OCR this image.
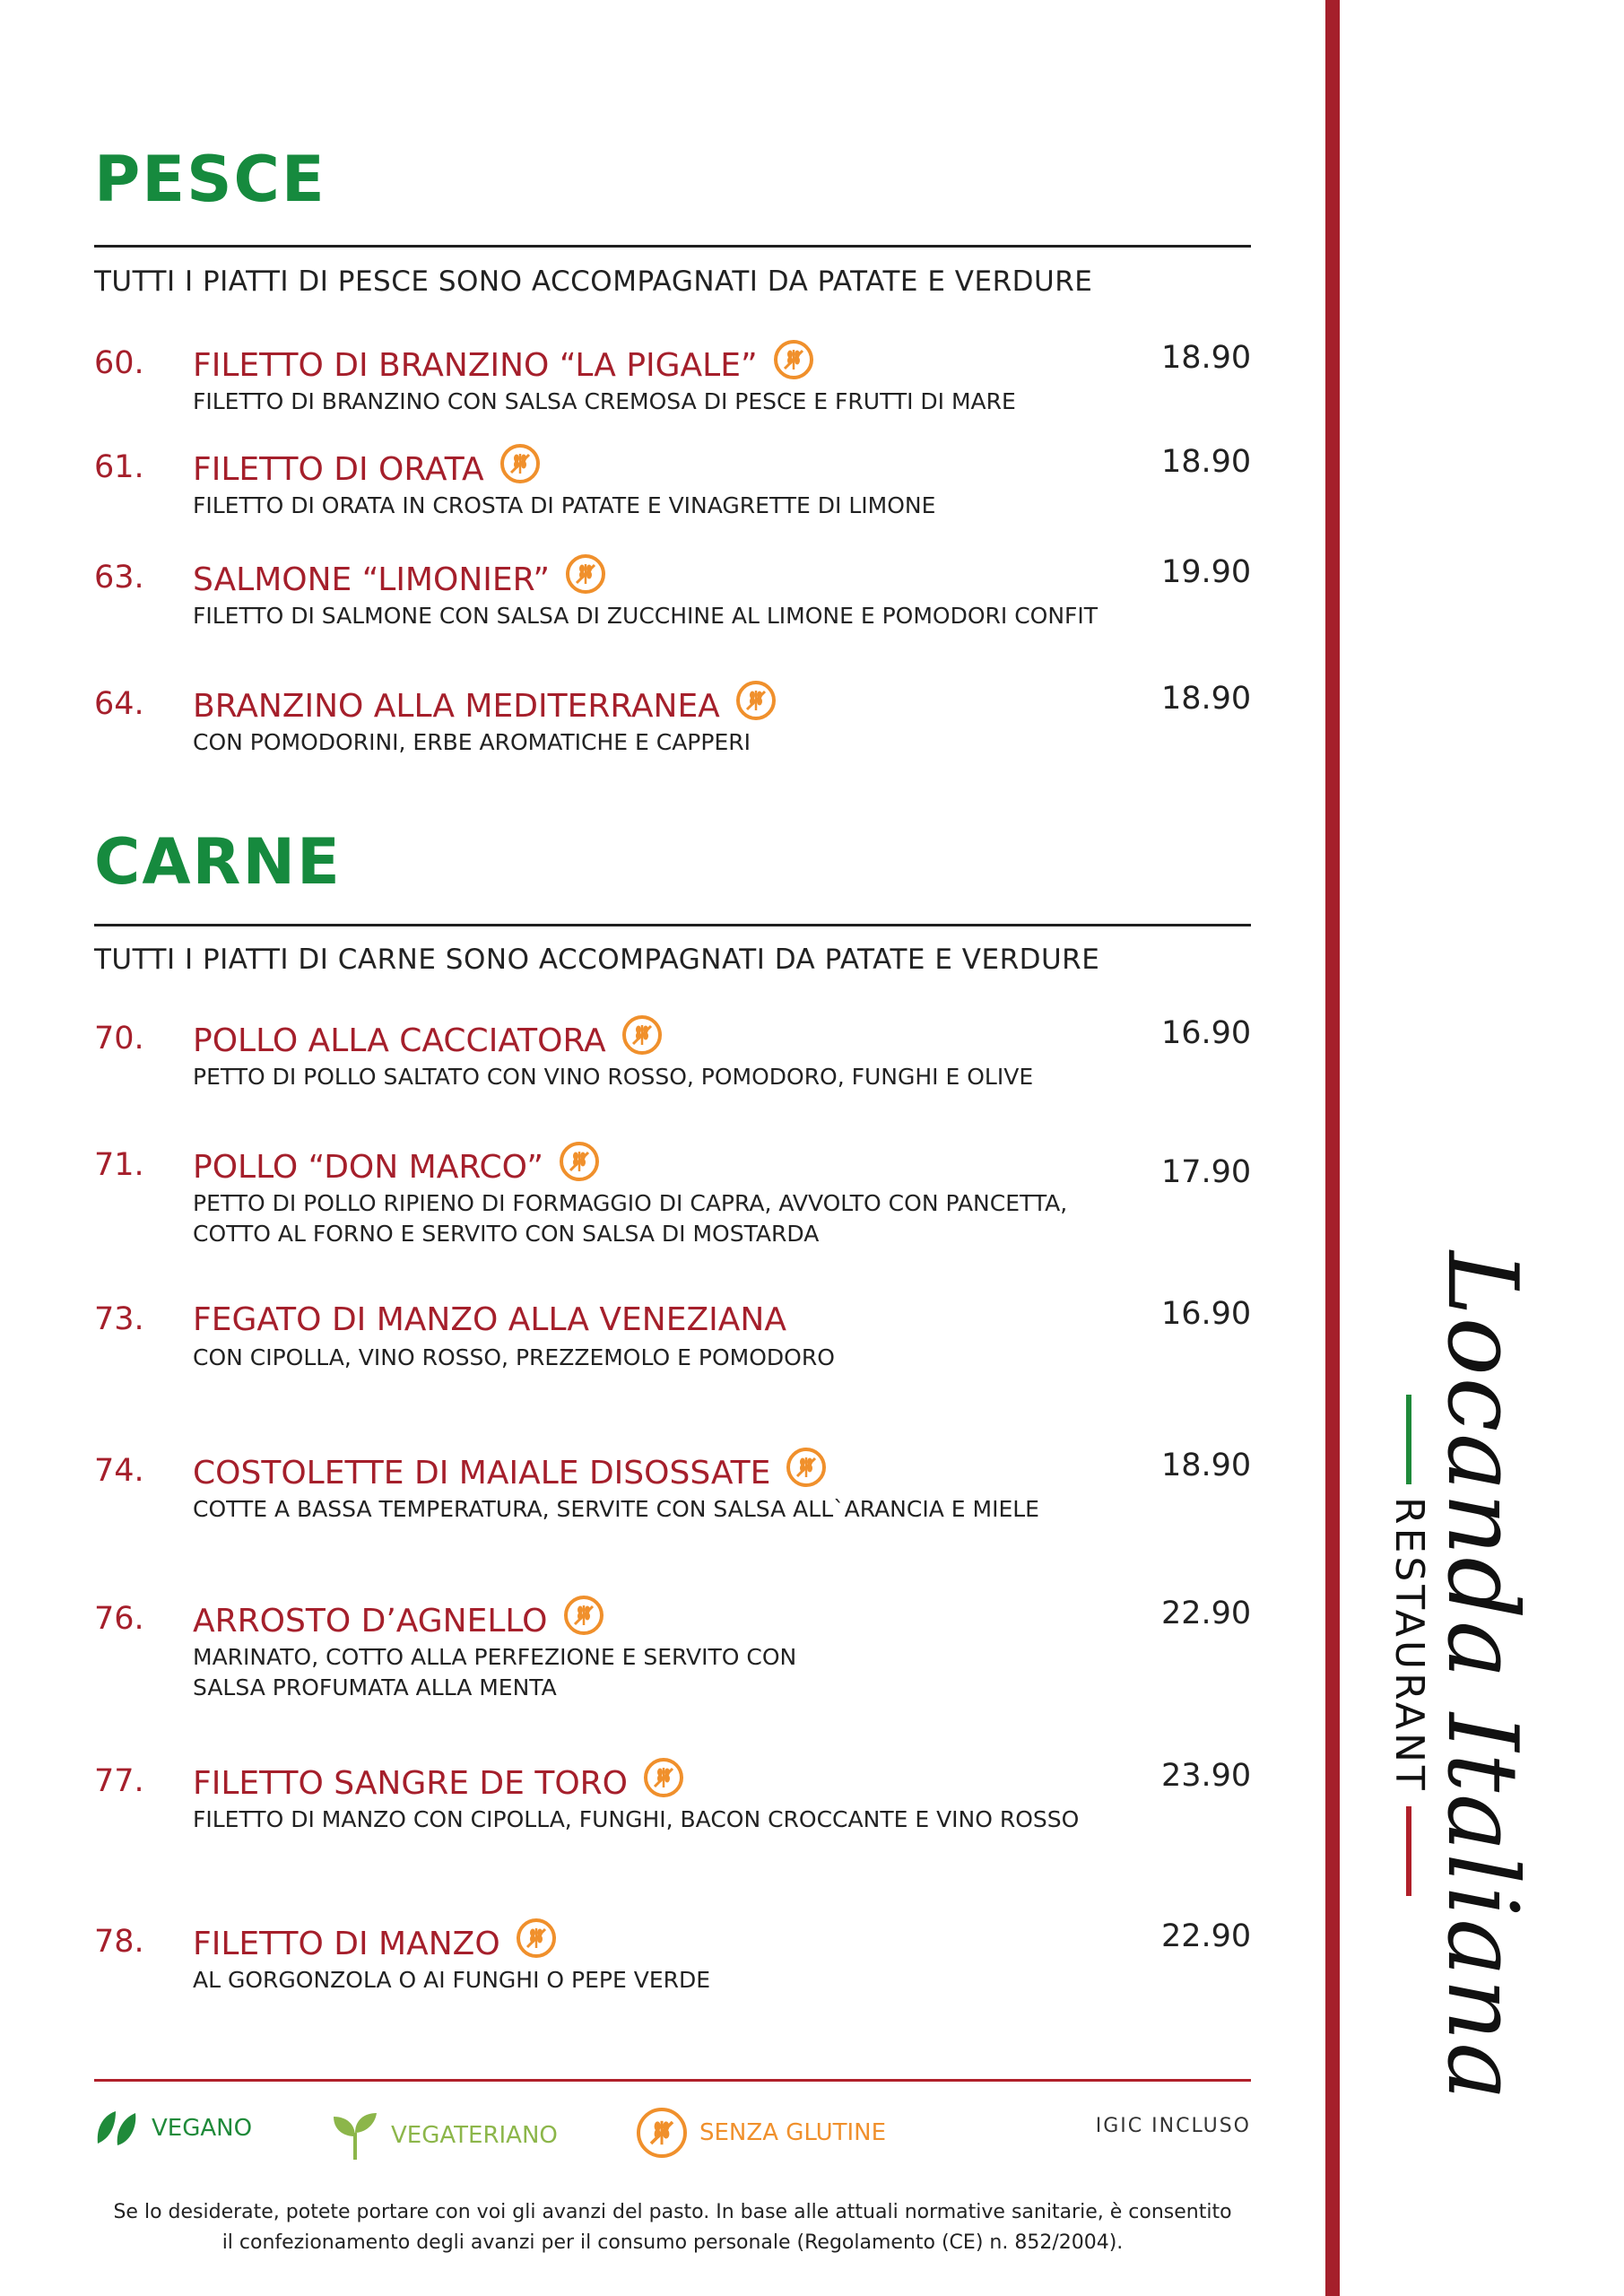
PESCE
TUTTI I PIATTI DI PESCE SONO ACCOMPAGNATI DA PATATE E VERDURE
60. FILETTO DI BRANZINO “LA PIGALE”
FILETTO DI BRANZINO CON SALSA CREMOSA DI PESCE E FRUTTI DI MARE
18.90
61. FILETTO DI ORATA
FILETTO DI ORATA IN CROSTA DI PATATE E VINAGRETTE DI LIMONE
18.90
63. SALMONE “LIMONIER”
FILETTO DI SALMONE CON SALSA DI ZUCCHINE AL LIMONE E POMODORI CONFIT
19.90
64. BRANZINO ALLA MEDITERRANEA
CON POMODORINI, ERBE AROMATICHE E CAPPERI
18.90
CARNE
TUTTI I PIATTI DI CARNE SONO ACCOMPAGNATI DA PATATE E VERDURE
70. POLLO ALLA CACCIATORA
PETTO DI POLLO SALTATO CON VINO ROSSO, POMODORO, FUNGHI E OLIVE
16.90
71. POLLO “DON MARCO”
PETTO DI POLLO RIPIENO DI FORMAGGIO DI CAPRA, AVVOLTO CON PANCETTA,
COTTO AL FORNO E SERVITO CON SALSA DI MOSTARDA
17.90
73. FEGATO DI MANZO ALLA VENEZIANA
CON CIPOLLA, VINO ROSSO, PREZZEMOLO E POMODORO
16.90
74. COSTOLETTE DI MAIALE DISOSSATE
COTTE A BASSA TEMPERATURA, SERVITE CON SALSA ALL`ARANCIA E MIELE
18.90
76. ARROSTO D’AGNELLO
MARINATO, COTTO ALLA PERFEZIONE E SERVITO CON
SALSA PROFUMATA ALLA MENTA
22.90
77. FILETTO SANGRE DE TORO
FILETTO DI MANZO CON CIPOLLA, FUNGHI, BACON CROCCANTE E VINO ROSSO
23.90
78. FILETTO DI MANZO
AL GORGONZOLA O AI FUNGHI O PEPE VERDE
22.90
VEGANO	VEGATERIANO	SENZA GLUTINE	IGIC INCLUSO
Se lo desiderate, potete portare con voi gli avanzi del pasto. In base alle attuali normative sanitarie, è consentito
il confezionamento degli avanzi per il consumo personale (Regolamento (CE) n. 852/2004).
Locanda Italiana
RESTAURANT
